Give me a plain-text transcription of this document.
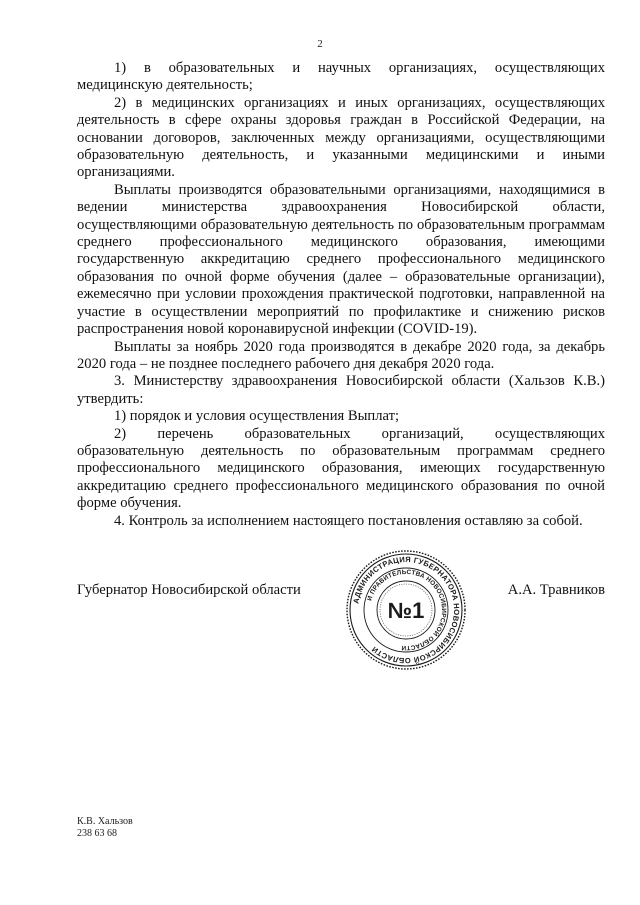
2

1) в образовательных и научных организациях, осуществляющих медицинскую деятельность;

2) в медицинских организациях и иных организациях, осуществляющих деятельность в сфере охраны здоровья граждан в Российской Федерации, на основании договоров, заключенных между организациями, осуществляющими образовательную деятельность, и указанными медицинскими и иными организациями.

Выплаты производятся образовательными организациями, находящимися в ведении министерства здравоохранения Новосибирской области, осуществляющими образовательную деятельность по образовательным программам среднего профессионального медицинского образования, имеющими государственную аккредитацию среднего профессионального медицинского образования по очной форме обучения (далее – образовательные организации), ежемесячно при условии прохождения практической подготовки, направленной на участие в осуществлении мероприятий по профилактике и снижению рисков распространения новой коронавирусной инфекции (COVID-19).

Выплаты за ноябрь 2020 года производятся в декабре 2020 года, за декабрь 2020 года – не позднее последнего рабочего дня декабря 2020 года.

3. Министерству здравоохранения Новосибирской области (Хальзов К.В.) утвердить:

1) порядок и условия осуществления Выплат;

2) перечень образовательных организаций, осуществляющих образовательную деятельность по образовательным программам среднего профессионального медицинского образования, имеющих государственную аккредитацию среднего профессионального медицинского образования по очной форме обучения.

4. Контроль за исполнением настоящего постановления оставляю за собой.

Губернатор Новосибирской области	А.А. Травников
АДМИНИСТРАЦИЯ ГУБЕРНАТОРА НОВОСИБИРСКОЙ ОБЛАСТИ
И ПРАВИТЕЛЬСТВА НОВОСИБИРСКОЙ ОБЛАСТИ
№1
К.В. Хальзов
238 63 68
